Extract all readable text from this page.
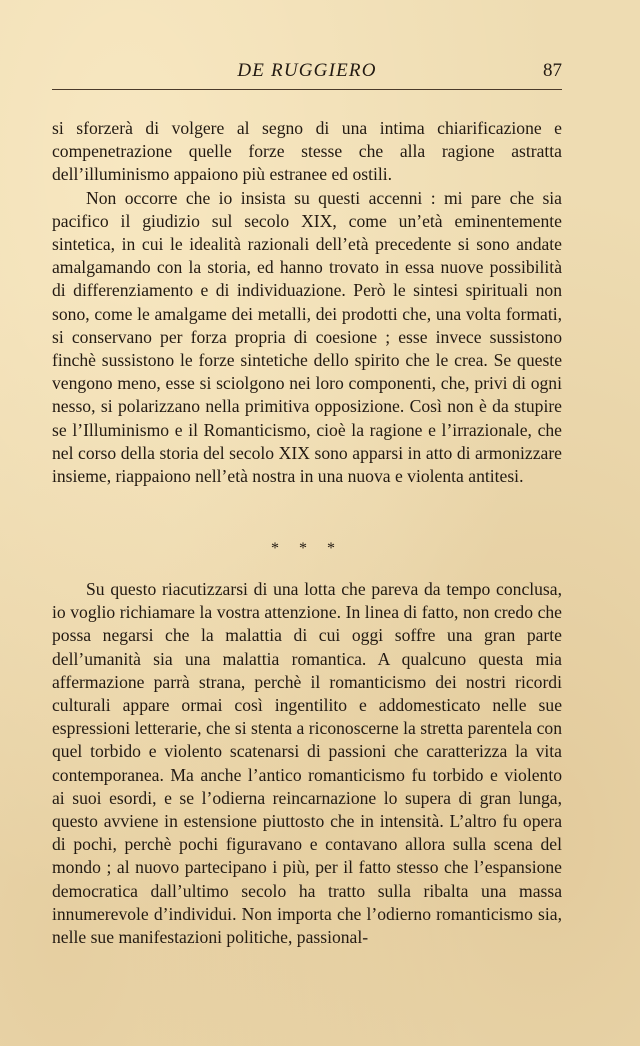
DE RUGGIERO	87

si sforzerà di volgere al segno di una intima chiarificazione e compenetrazione quelle forze stesse che alla ragione astratta dell’illuminismo appaiono più estranee ed ostili.

Non occorre che io insista su questi accenni : mi pare che sia pacifico il giudizio sul secolo XIX, come un’età eminentemente sintetica, in cui le idealità razionali dell’età precedente si sono andate amalgamando con la storia, ed hanno trovato in essa nuove possibilità di differenziamento e di individuazione. Però le sintesi spirituali non sono, come le amalgame dei metalli, dei prodotti che, una volta formati, si conservano per forza propria di coesione ; esse invece sussistono finchè sussistono le forze sintetiche dello spirito che le crea. Se queste vengono meno, esse si sciolgono nei loro componenti, che, privi di ogni nesso, si polarizzano nella primitiva opposizione. Così non è da stupire se l’Illuminismo e il Romanticismo, cioè la ragione e l’irrazionale, che nel corso della storia del secolo XIX sono apparsi in atto di armonizzare insieme, riappaiono nell’età nostra in una nuova e violenta antitesi.

* * *

Su questo riacutizzarsi di una lotta che pareva da tempo conclusa, io voglio richiamare la vostra attenzione. In linea di fatto, non credo che possa negarsi che la malattia di cui oggi soffre una gran parte dell’umanità sia una malattia romantica. A qualcuno questa mia affermazione parrà strana, perchè il romanticismo dei nostri ricordi culturali appare ormai così ingentilito e addomesticato nelle sue espressioni letterarie, che si stenta a riconoscerne la stretta parentela con quel torbido e violento scatenarsi di passioni che caratterizza la vita contemporanea. Ma anche l’antico romanticismo fu torbido e violento ai suoi esordi, e se l’odierna reincarnazione lo supera di gran lunga, questo avviene in estensione piuttosto che in intensità. L’altro fu opera di pochi, perchè pochi figuravano e contavano allora sulla scena del mondo ; al nuovo partecipano i più, per il fatto stesso che l’espansione democratica dall’ultimo secolo ha tratto sulla ribalta una massa innumerevole d’individui. Non importa che l’odierno romanticismo sia, nelle sue manifestazioni politiche, passional-
